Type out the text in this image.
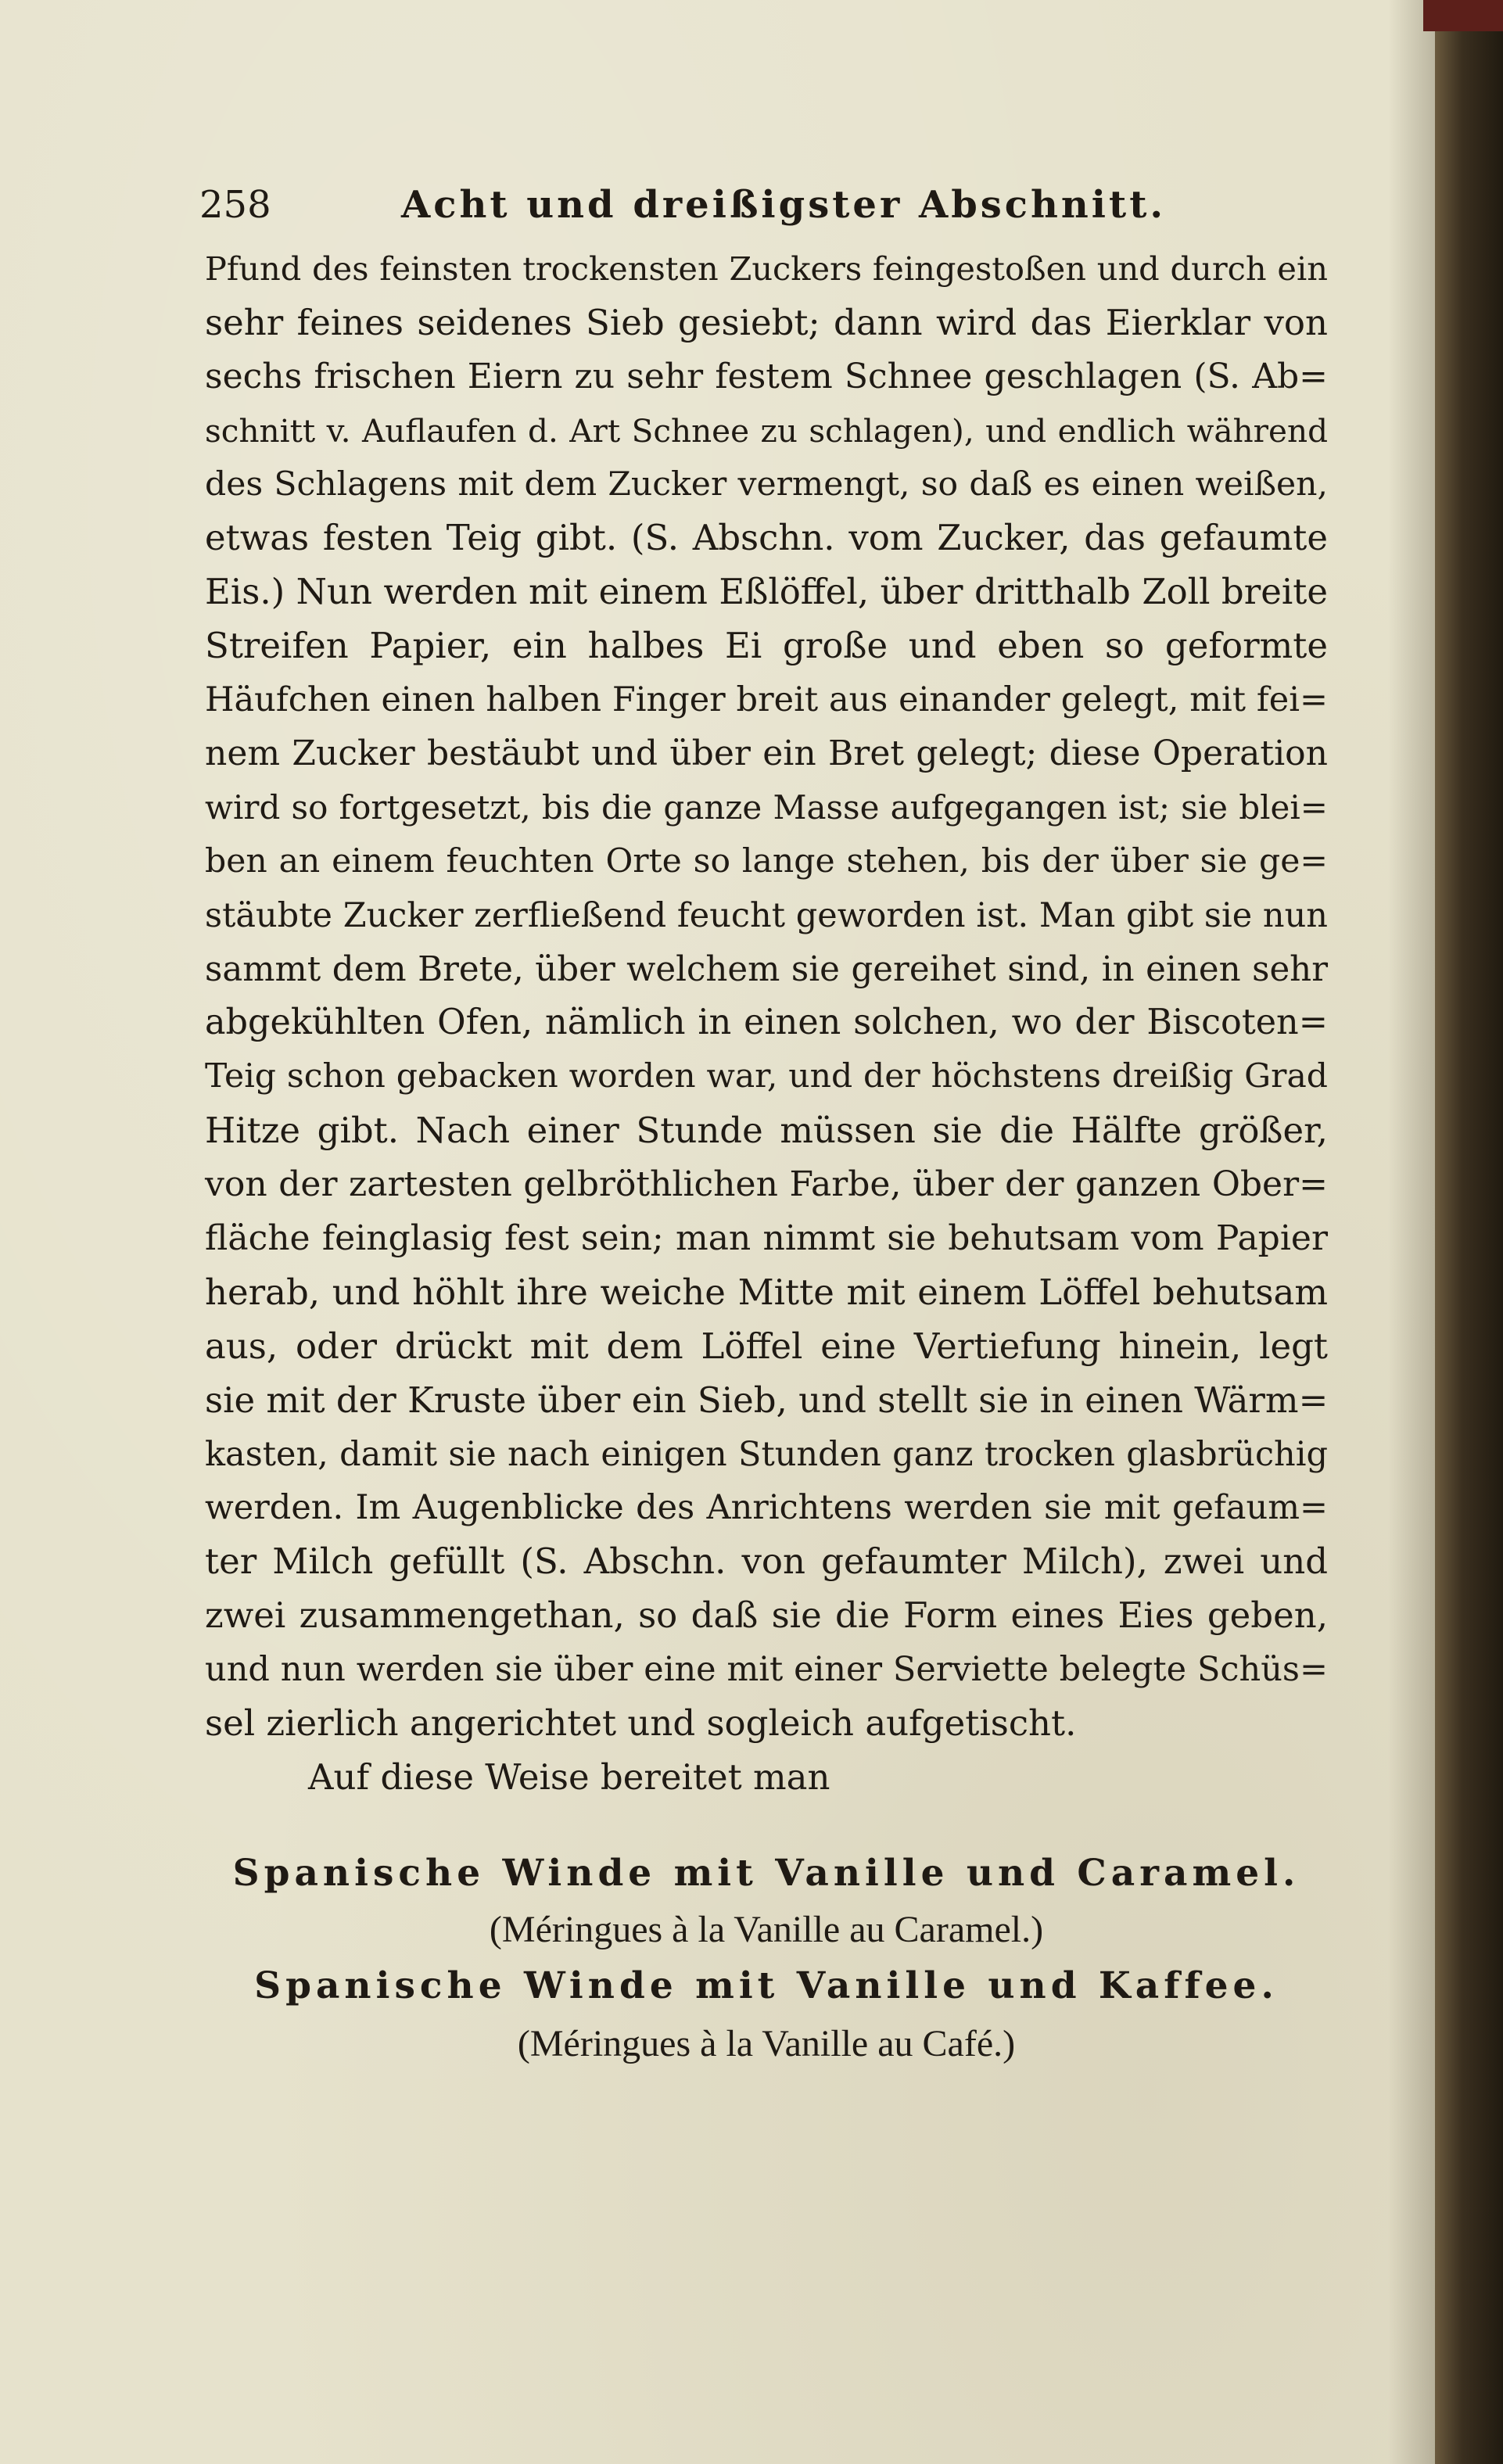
258	Acht und dreißigster Abschnitt.
Pfund des feinsten trockensten Zuckers feingestoßen und durch ein
sehr feines seidenes Sieb gesiebt; dann wird das Eierklar von
sechs frischen Eiern zu sehr festem Schnee geschlagen (S. Ab=
schnitt v. Auflaufen d. Art Schnee zu schlagen), und endlich während
des Schlagens mit dem Zucker vermengt, so daß es einen weißen,
etwas festen Teig gibt. (S. Abschn. vom Zucker, das gefaumte
Eis.) Nun werden mit einem Eßlöffel, über dritthalb Zoll breite
Streifen Papier, ein halbes Ei große und eben so geformte
Häufchen einen halben Finger breit aus einander gelegt, mit fei=
nem Zucker bestäubt und über ein Bret gelegt; diese Operation
wird so fortgesetzt, bis die ganze Masse aufgegangen ist; sie blei=
ben an einem feuchten Orte so lange stehen, bis der über sie ge=
stäubte Zucker zerfließend feucht geworden ist. Man gibt sie nun
sammt dem Brete, über welchem sie gereihet sind, in einen sehr
abgekühlten Ofen, nämlich in einen solchen, wo der Biscoten=
Teig schon gebacken worden war, und der höchstens dreißig Grad
Hitze gibt. Nach einer Stunde müssen sie die Hälfte größer,
von der zartesten gelbröthlichen Farbe, über der ganzen Ober=
fläche feinglasig fest sein; man nimmt sie behutsam vom Papier
herab, und höhlt ihre weiche Mitte mit einem Löffel behutsam
aus, oder drückt mit dem Löffel eine Vertiefung hinein, legt
sie mit der Kruste über ein Sieb, und stellt sie in einen Wärm=
kasten, damit sie nach einigen Stunden ganz trocken glasbrüchig
werden. Im Augenblicke des Anrichtens werden sie mit gefaum=
ter Milch gefüllt (S. Abschn. von gefaumter Milch), zwei und
zwei zusammengethan, so daß sie die Form eines Eies geben,
und nun werden sie über eine mit einer Serviette belegte Schüs=
sel zierlich angerichtet und sogleich aufgetischt.
Auf diese Weise bereitet man
Spanische Winde mit Vanille und Caramel.
(Méringues à la Vanille au Caramel.)
Spanische Winde mit Vanille und Kaffee.
(Méringues à la Vanille au Café.)
